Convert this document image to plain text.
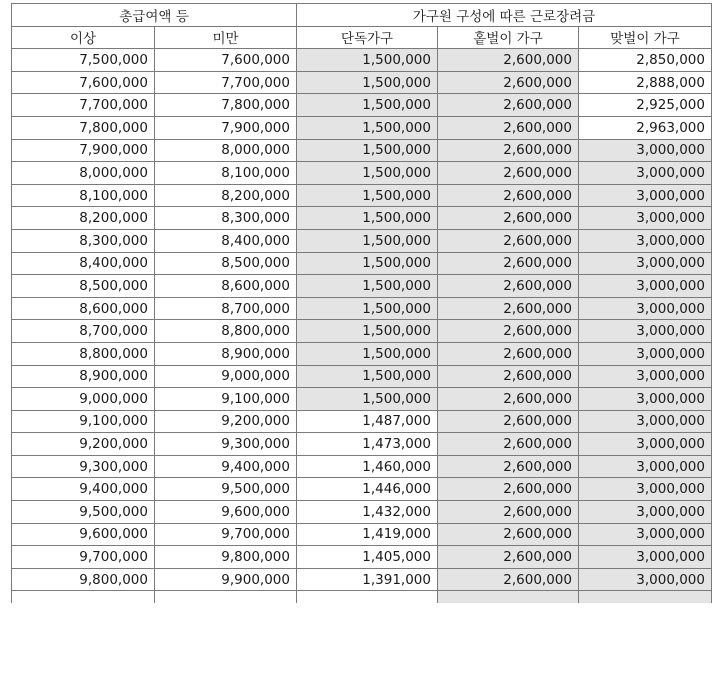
총급여액 등		가구원 구성에 따른 근로장려금		
이상	미만	단독가구	홑벌이 가구	맞벌이 가구
7,500,000	7,600,000	1,500,000	2,600,000	2,850,000
7,600,000	7,700,000	1,500,000	2,600,000	2,888,000
7,700,000	7,800,000	1,500,000	2,600,000	2,925,000
7,800,000	7,900,000	1,500,000	2,600,000	2,963,000
7,900,000	8,000,000	1,500,000	2,600,000	3,000,000
8,000,000	8,100,000	1,500,000	2,600,000	3,000,000
8,100,000	8,200,000	1,500,000	2,600,000	3,000,000
8,200,000	8,300,000	1,500,000	2,600,000	3,000,000
8,300,000	8,400,000	1,500,000	2,600,000	3,000,000
8,400,000	8,500,000	1,500,000	2,600,000	3,000,000
8,500,000	8,600,000	1,500,000	2,600,000	3,000,000
8,600,000	8,700,000	1,500,000	2,600,000	3,000,000
8,700,000	8,800,000	1,500,000	2,600,000	3,000,000
8,800,000	8,900,000	1,500,000	2,600,000	3,000,000
8,900,000	9,000,000	1,500,000	2,600,000	3,000,000
9,000,000	9,100,000	1,500,000	2,600,000	3,000,000
9,100,000	9,200,000	1,487,000	2,600,000	3,000,000
9,200,000	9,300,000	1,473,000	2,600,000	3,000,000
9,300,000	9,400,000	1,460,000	2,600,000	3,000,000
9,400,000	9,500,000	1,446,000	2,600,000	3,000,000
9,500,000	9,600,000	1,432,000	2,600,000	3,000,000
9,600,000	9,700,000	1,419,000	2,600,000	3,000,000
9,700,000	9,800,000	1,405,000	2,600,000	3,000,000
9,800,000	9,900,000	1,391,000	2,600,000	3,000,000
